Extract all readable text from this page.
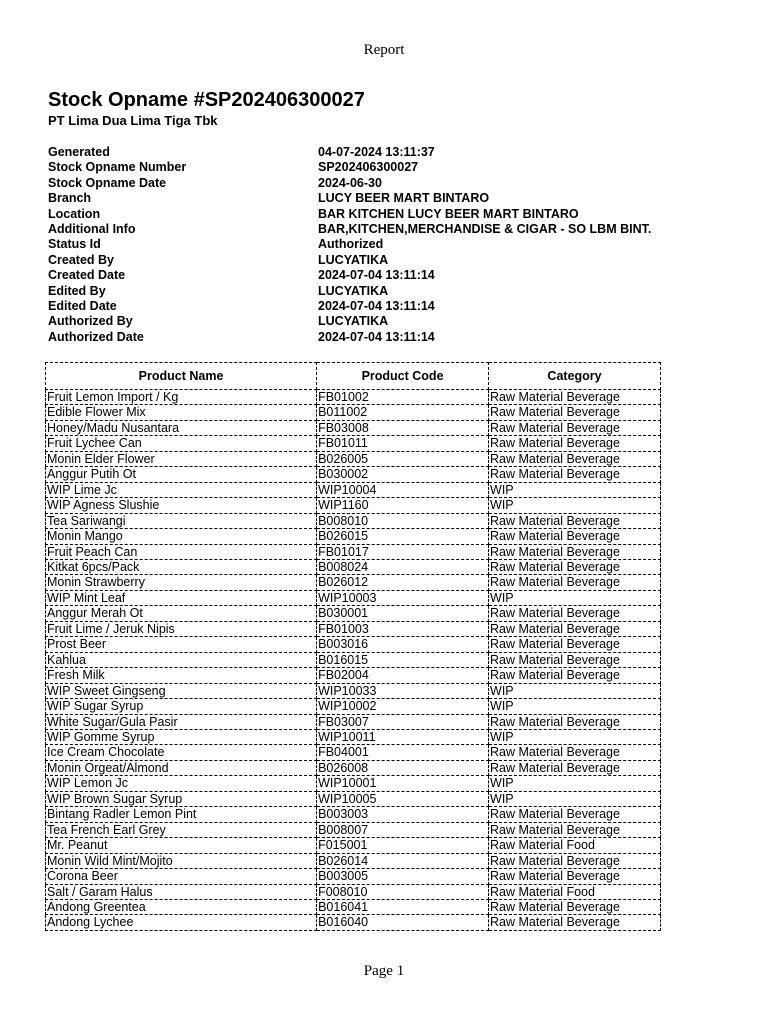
Report
Stock Opname #SP202406300027
PT Lima Dua Lima Tiga Tbk
Generated	04-07-2024 13:11:37
Stock Opname Number	SP202406300027
Stock Opname Date	2024-06-30
Branch	LUCY BEER MART BINTARO
Location	BAR KITCHEN LUCY BEER MART BINTARO
Additional Info	BAR,KITCHEN,MERCHANDISE & CIGAR - SO LBM BINT.
Status Id	Authorized
Created By	LUCYATIKA
Created Date	2024-07-04 13:11:14
Edited By	LUCYATIKA
Edited Date	2024-07-04 13:11:14
Authorized By	LUCYATIKA
Authorized Date	2024-07-04 13:11:14
Product Name	Product Code	Category
Fruit Lemon Import / Kg	FB01002	Raw Material Beverage
Edible Flower Mix	B011002	Raw Material Beverage
Honey/Madu Nusantara	FB03008	Raw Material Beverage
Fruit Lychee Can	FB01011	Raw Material Beverage
Monin Elder Flower	B026005	Raw Material Beverage
Anggur Putih Ot	B030002	Raw Material Beverage
WIP Lime Jc	WIP10004	WIP
WIP Agness Slushie	WIP1160	WIP
Tea Sariwangi	B008010	Raw Material Beverage
Monin Mango	B026015	Raw Material Beverage
Fruit Peach Can	FB01017	Raw Material Beverage
Kitkat 6pcs/Pack	B008024	Raw Material Beverage
Monin Strawberry	B026012	Raw Material Beverage
WIP Mint Leaf	WIP10003	WIP
Anggur Merah Ot	B030001	Raw Material Beverage
Fruit Lime / Jeruk Nipis	FB01003	Raw Material Beverage
Prost Beer	B003016	Raw Material Beverage
Kahlua	B016015	Raw Material Beverage
Fresh Milk	FB02004	Raw Material Beverage
WIP Sweet Gingseng	WIP10033	WIP
WIP Sugar Syrup	WIP10002	WIP
White Sugar/Gula Pasir	FB03007	Raw Material Beverage
WIP Gomme Syrup	WIP10011	WIP
Ice Cream Chocolate	FB04001	Raw Material Beverage
Monin Orgeat/Almond	B026008	Raw Material Beverage
WIP Lemon Jc	WIP10001	WIP
WIP Brown Sugar Syrup	WIP10005	WIP
Bintang Radler Lemon Pint	B003003	Raw Material Beverage
Tea French Earl Grey	B008007	Raw Material Beverage
Mr. Peanut	F015001	Raw Material Food
Monin Wild Mint/Mojito	B026014	Raw Material Beverage
Corona Beer	B003005	Raw Material Beverage
Salt / Garam Halus	F008010	Raw Material Food
Andong Greentea	B016041	Raw Material Beverage
Andong Lychee	B016040	Raw Material Beverage
Page 1
